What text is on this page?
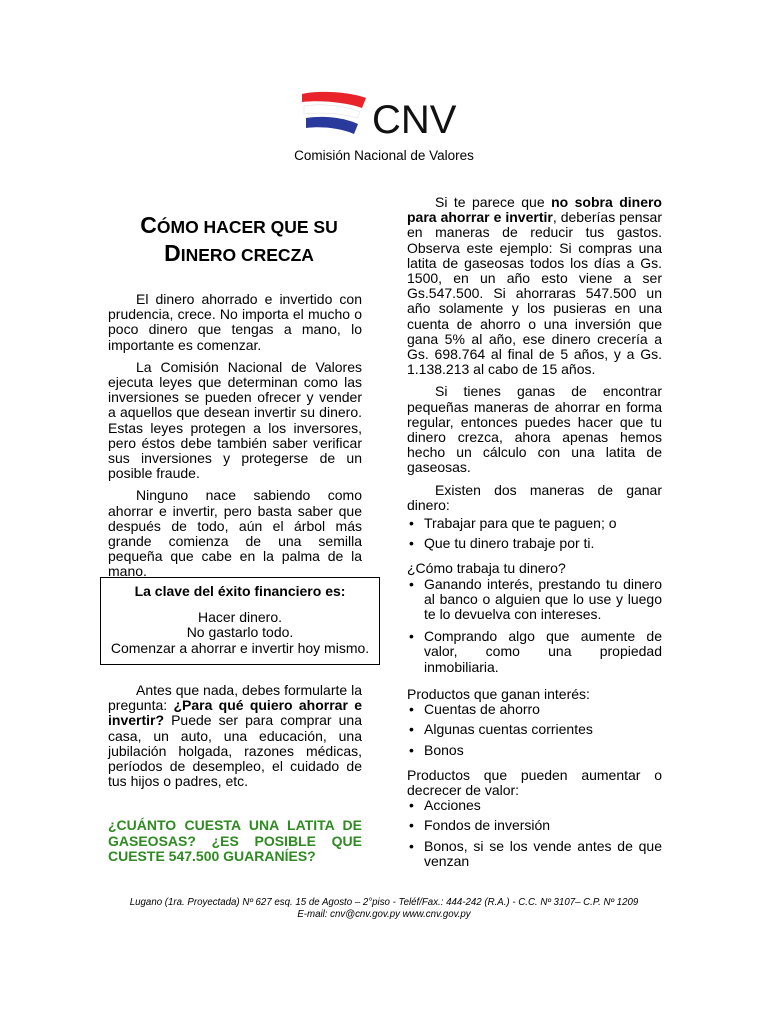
CNV
Comisión Nacional de Valores
CÓMO HACER QUE SU
DINERO CRECZA

El dinero ahorrado e invertido con prudencia, crece. No importa el mucho o poco dinero que tengas a mano, lo importante es comenzar.

La Comisión Nacional de Valores ejecuta leyes que determinan como las inversiones se pueden ofrecer y vender a aquellos que desean invertir su dinero. Estas leyes protegen a los inversores, pero éstos debe también saber verificar sus inversiones y protegerse de un posible fraude.

Ninguno nace sabiendo como ahorrar e invertir, pero basta saber que después de todo, aún el árbol más grande comienza de una semilla pequeña que cabe en la palma de la mano.

La clave del éxito financiero es:
Hacer dinero.
No gastarlo todo.
Comenzar a ahorrar e invertir hoy mismo.

Antes que nada, debes formularte la pregunta: ¿Para qué quiero ahorrar e invertir? Puede ser para comprar una casa, un auto, una educación, una jubilación holgada, razones médicas, períodos de desempleo, el cuidado de tus hijos o padres, etc.

¿CUÁNTO CUESTA UNA LATITA DE GASEOSAS? ¿ES POSIBLE QUE CUESTE 547.500 GUARANÍES?

Si te parece que no sobra dinero para ahorrar e invertir, deberías pensar en maneras de reducir tus gastos. Observa este ejemplo: Si compras una latita de gaseosas todos los días a Gs. 1500, en un año esto viene a ser Gs.547.500. Si ahorraras 547.500 un año solamente y los pusieras en una cuenta de ahorro o una inversión que gana 5% al año, ese dinero crecería a Gs. 698.764 al final de 5 años, y a Gs. 1.138.213 al cabo de 15 años.

Si tienes ganas de encontrar pequeñas maneras de ahorrar en forma regular, entonces puedes hacer que tu dinero crezca, ahora apenas hemos hecho un cálculo con una latita de gaseosas.

Existen dos maneras de ganar dinero:

• Trabajar para que te paguen; o
• Que tu dinero trabaje por ti.

¿Cómo trabaja tu dinero?

• Ganando interés, prestando tu dinero al banco o alguien que lo use y luego te lo devuelva con intereses.
• Comprando algo que aumente de valor, como una propiedad inmobiliaria.

Productos que ganan interés:

• Cuentas de ahorro
• Algunas cuentas corrientes
• Bonos

Productos que pueden aumentar o decrecer de valor:

• Acciones
• Fondos de inversión
• Bonos, si se los vende antes de que venzan
Lugano (1ra. Proyectada) Nº 627 esq. 15 de Agosto – 2°piso - Teléf/Fax.: 444-242 (R.A.) - C.C. Nº 3107– C.P. Nº 1209
E-mail: cnv@cnv.gov.py www.cnv.gov.py
